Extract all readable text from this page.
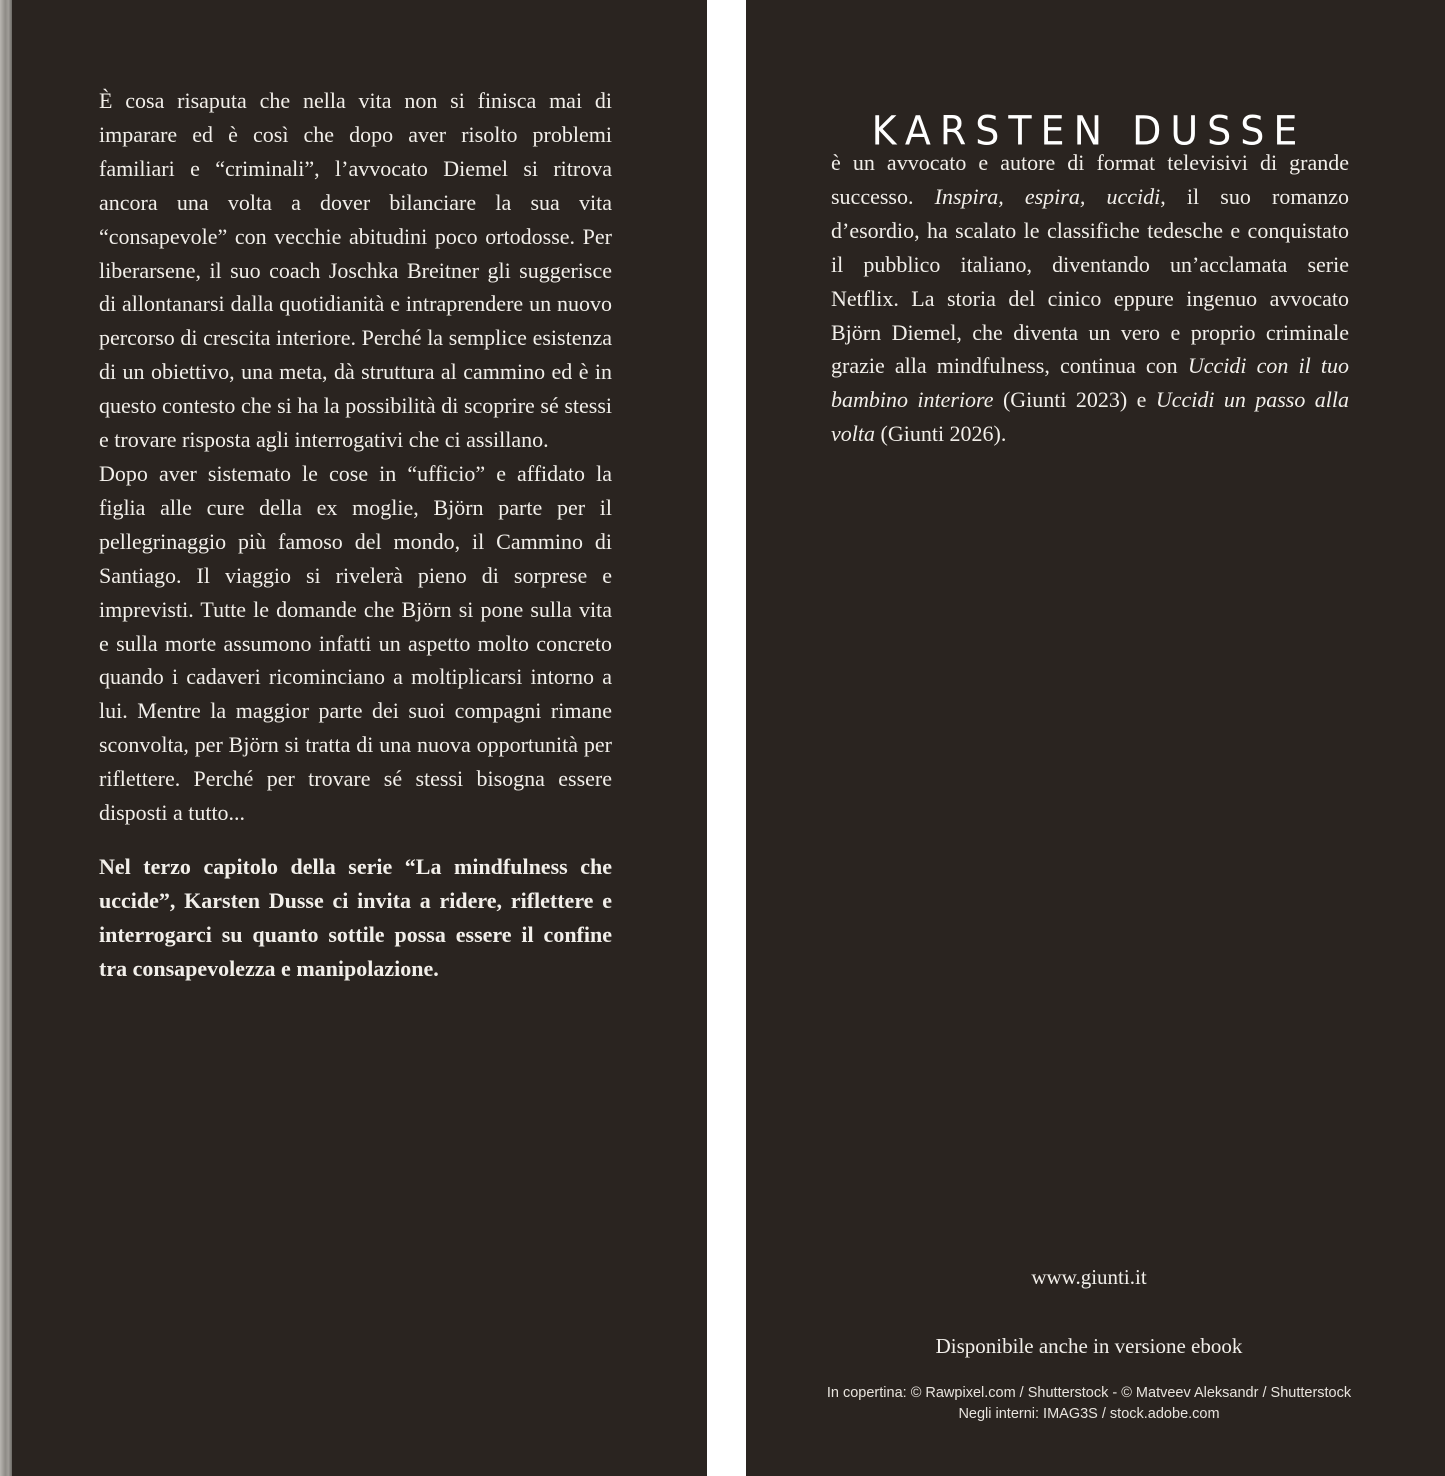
È cosa risaputa che nella vita non si finisca mai di imparare ed è così che dopo aver risolto problemi familiari e “criminali”, l’avvocato Diemel si ritrova ancora una volta a dover bilanciare la sua vita “consapevole” con vecchie abitudini poco ortodosse. Per liberarsene, il suo coach Joschka Breitner gli suggerisce di allontanarsi dalla quotidianità e intraprendere un nuovo percorso di crescita interiore. Perché la semplice esistenza di un obiettivo, una meta, dà struttura al cammino ed è in questo contesto che si ha la possibilità di scoprire sé stessi e trovare risposta agli interrogativi che ci assillano.

Dopo aver sistemato le cose in “ufficio” e affidato la figlia alle cure della ex moglie, Björn parte per il pellegrinaggio più famoso del mondo, il Cammino di Santiago. Il viaggio si rivelerà pieno di sorprese e imprevisti. Tutte le domande che Björn si pone sulla vita e sulla morte assumono infatti un aspetto molto concreto quando i cadaveri ricominciano a moltiplicarsi intorno a lui. Mentre la maggior parte dei suoi compagni rimane sconvolta, per Björn si tratta di una nuova opportunità per riflettere. Perché per trovare sé stessi bisogna essere disposti a tutto...

Nel terzo capitolo della serie “La mindfulness che uccide”, Karsten Dusse ci invita a ridere, riflettere e interrogarci su quanto sottile possa essere il confine tra consapevolezza e manipolazione.

KARSTEN DUSSE

è un avvocato e autore di format televisivi di grande successo. Inspira, espira, uccidi, il suo romanzo d’esordio, ha scalato le classifiche tedesche e conquistato il pubblico italiano, diventando un’acclamata serie Netflix. La storia del cinico eppure ingenuo avvocato Björn Diemel, che diventa un vero e proprio criminale grazie alla mindfulness, continua con Uccidi con il tuo bambino interiore (Giunti 2023) e Uccidi un passo alla volta (Giunti 2026).

www.giunti.it
Disponibile anche in versione ebook
In copertina: © Rawpixel.com / Shutterstock - © Matveev Aleksandr / Shutterstock
Negli interni: IMAG3S / stock.adobe.com
